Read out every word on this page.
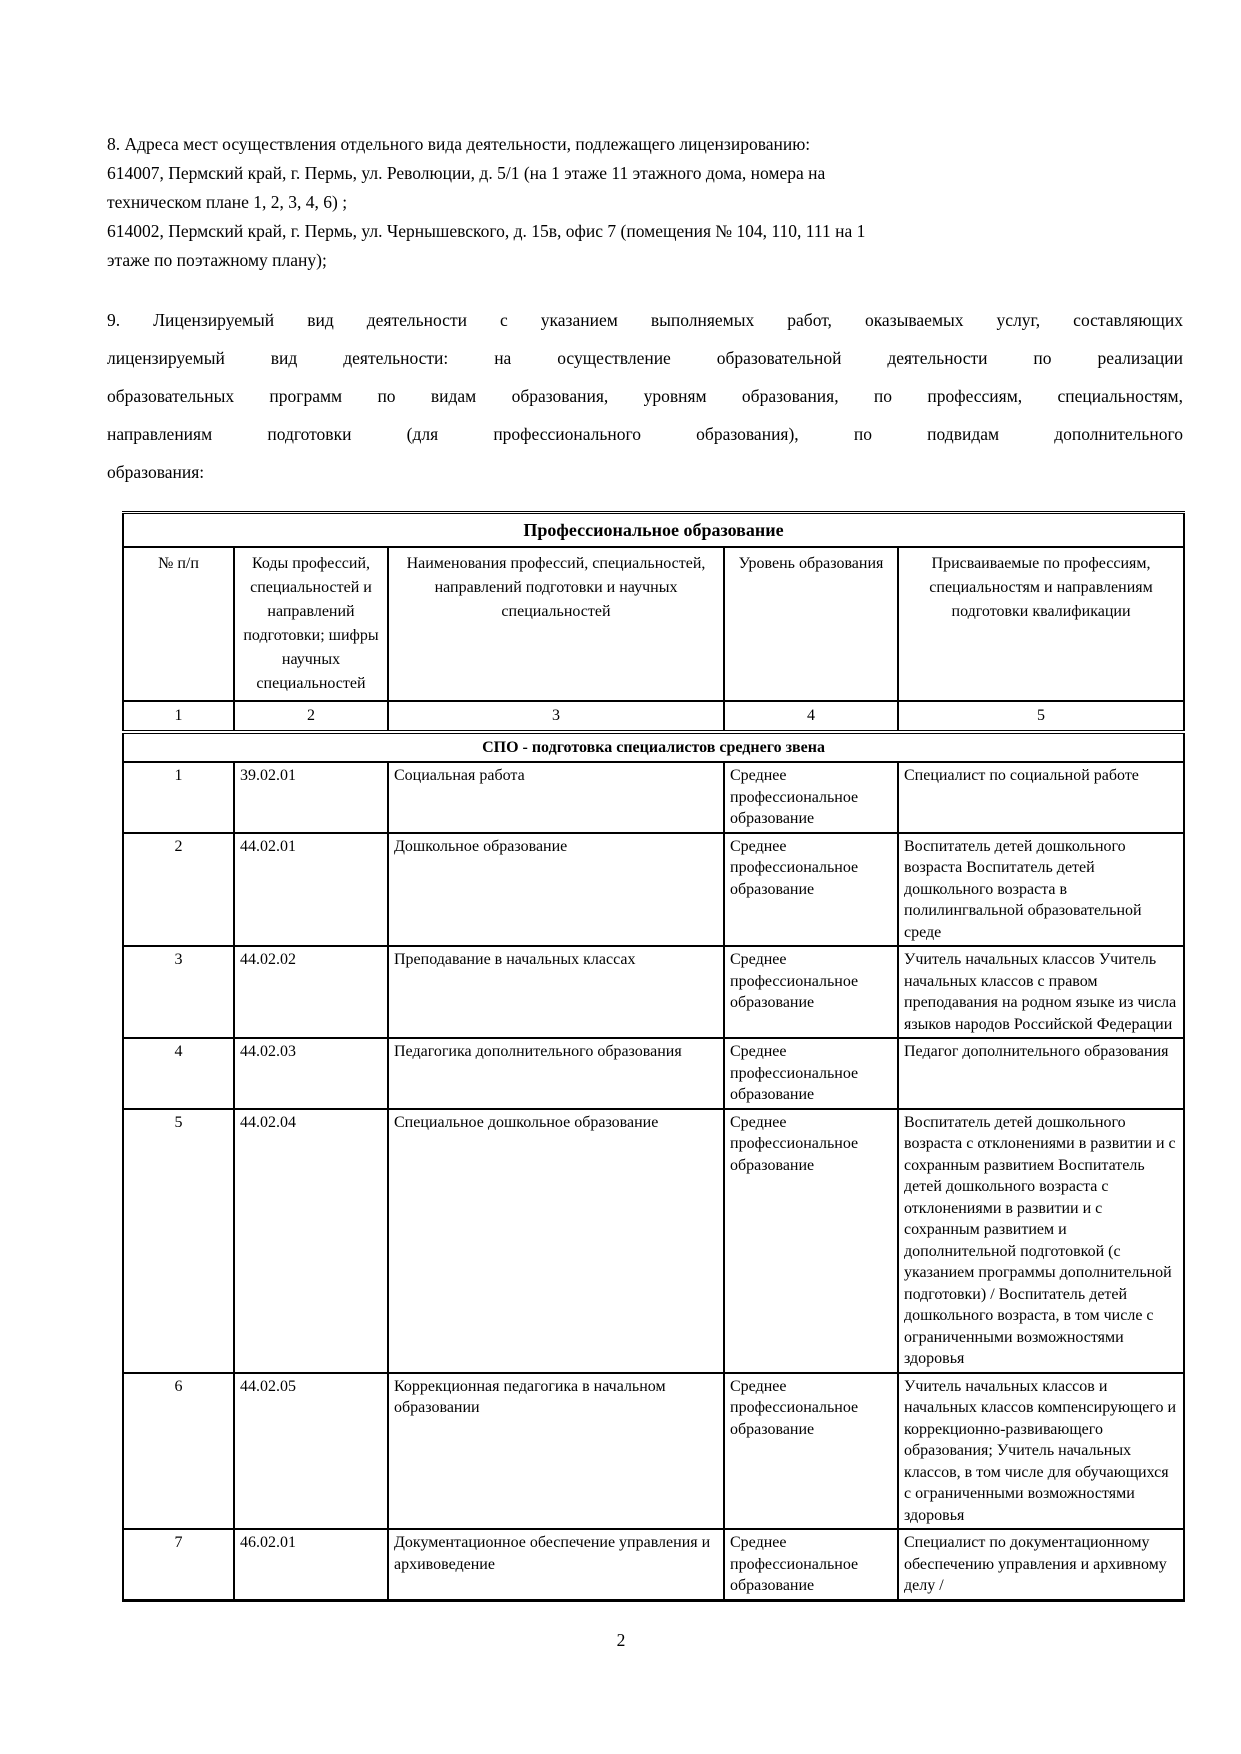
8. Адреса мест осуществления отдельного вида деятельности, подлежащего лицензированию:
614007, Пермский край, г. Пермь, ул. Революции, д. 5/1 (на 1 этаже 11 этажного дома, номера на
техническом плане 1, 2, 3, 4, 6) ;
614002, Пермский край, г. Пермь, ул. Чернышевского, д. 15в, офис 7 (помещения № 104, 110, 111 на 1
этаже по поэтажному плану);
9. Лицензируемый вид деятельности с указанием выполняемых работ, оказываемых услуг, составляющих
лицензируемый вид деятельности: на осуществление образовательной деятельности по реализации
образовательных программ по видам образования, уровням образования, по профессиям, специальностям,
направлениям подготовки (для профессионального образования), по подвидам дополнительного
образования:
Профессиональное образование				
№ п/п	Коды профессий, специальностей и направлений подготовки; шифры научных специальностей	Наименования профессий, специальностей, направлений подготовки и научных специальностей	Уровень образования	Присваиваемые по профессиям, специальностям и направлениям подготовки квалификации
1	2	3	4	5
СПО - подготовка специалистов среднего звена				
1	39.02.01	Социальная работа	Среднее профессиональное образование	Специалист по социальной работе
2	44.02.01	Дошкольное образование	Среднее профессиональное образование	Воспитатель детей дошкольного возраста Воспитатель детей дошкольного возраста в полилингвальной образовательной среде
3	44.02.02	Преподавание в начальных классах	Среднее профессиональное образование	Учитель начальных классов Учитель начальных классов с правом преподавания на родном языке из числа языков народов Российской Федерации
4	44.02.03	Педагогика дополнительного образования	Среднее профессиональное образование	Педагог дополнительного образования
5	44.02.04	Специальное дошкольное образование	Среднее профессиональное образование	Воспитатель детей дошкольного возраста с отклонениями в развитии и с сохранным развитием Воспитатель детей дошкольного возраста с отклонениями в развитии и с сохранным развитием и дополнительной подготовкой (с указанием программы дополнительной подготовки) / Воспитатель детей дошкольного возраста, в том числе с ограниченными возможностями здоровья
6	44.02.05	Коррекционная педагогика в начальном образовании	Среднее профессиональное образование	Учитель начальных классов и начальных классов компенсирующего и коррекционно-развивающего образования; Учитель начальных классов, в том числе для обучающихся с ограниченными возможностями здоровья
7	46.02.01	Документационное обеспечение управления и архивоведение	Среднее профессиональное образование	Специалист по документационному обеспечению управления и архивному делу /
2
